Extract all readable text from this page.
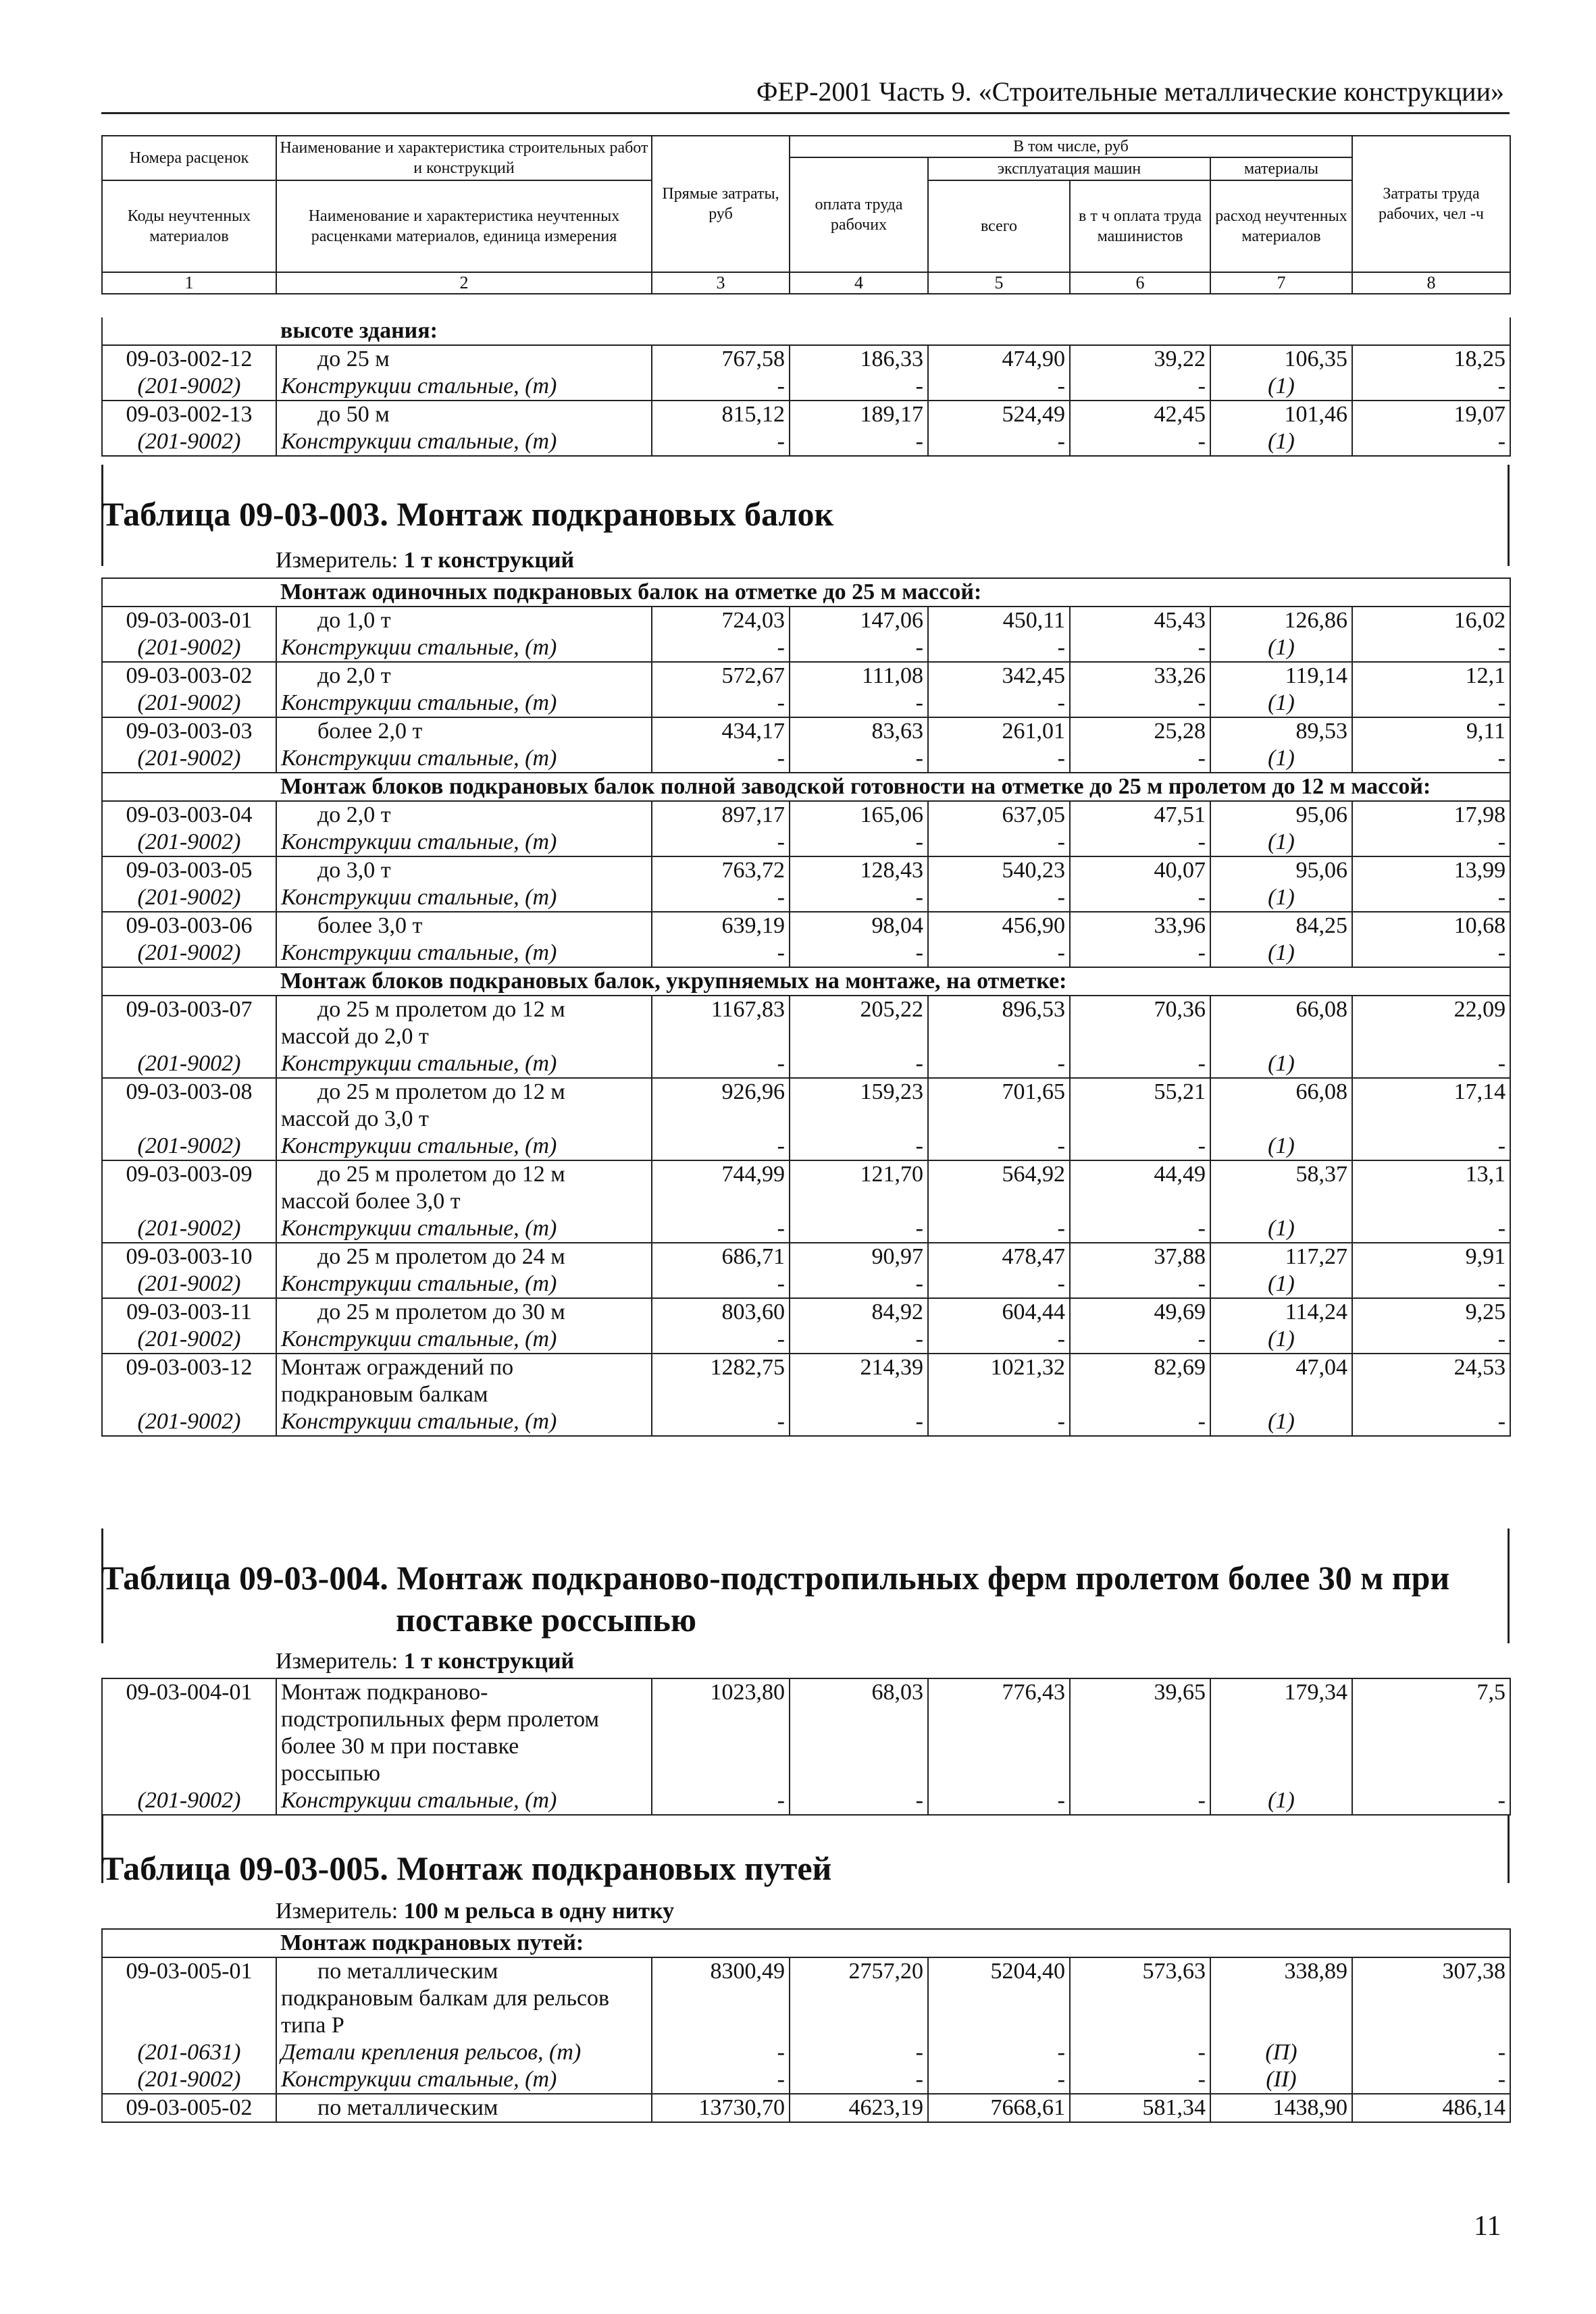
ФЕР-2001 Часть 9. «Строительные металлические конструкции»
Номера расценок	Наименование и характеристика строительных работ и конструкций	Прямые затраты, руб	В том числе, руб				Затраты труда рабочих, чел -ч
			оплата труда рабочих	эксплуатация машин		материалы	
Коды неучтенных материалов	Наименование и характеристика неучтенных расценками материалов, единица измерения			всего	в т ч оплата труда машинистов	расход неучтенных материалов	

1	2	3	4	5	6	7	8
	высоте здания:						
09-03-002-12	до 25 м	767,58	186,33	474,90	39,22	106,35	18,25
(201-9002)	Конструкции стальные, (т)	-	-	-	-	(1)	-
09-03-002-13	до 50 м	815,12	189,17	524,49	42,45	101,46	19,07
(201-9002)	Конструкции стальные, (т)	-	-	-	-	(1)	-
Таблица 09-03-003. Монтаж подкрановых балок
Измеритель: 1 т конструкций
	Монтаж одиночных подкрановых балок на отметке до 25 м массой:						
09-03-003-01	до 1,0 т	724,03	147,06	450,11	45,43	126,86	16,02
(201-9002)	Конструкции стальные, (т)	-	-	-	-	(1)	-
09-03-003-02	до 2,0 т	572,67	111,08	342,45	33,26	119,14	12,1
(201-9002)	Конструкции стальные, (т)	-	-	-	-	(1)	-
09-03-003-03	более 2,0 т	434,17	83,63	261,01	25,28	89,53	9,11
(201-9002)	Конструкции стальные, (т)	-	-	-	-	(1)	-
	Монтаж блоков подкрановых балок полной заводской готовности на отметке до 25 м пролетом до 12 м массой:						
09-03-003-04	до 2,0 т	897,17	165,06	637,05	47,51	95,06	17,98
(201-9002)	Конструкции стальные, (т)	-	-	-	-	(1)	-
09-03-003-05	до 3,0 т	763,72	128,43	540,23	40,07	95,06	13,99
(201-9002)	Конструкции стальные, (т)	-	-	-	-	(1)	-
09-03-003-06	более 3,0 т	639,19	98,04	456,90	33,96	84,25	10,68
(201-9002)	Конструкции стальные, (т)	-	-	-	-	(1)	-
	Монтаж блоков подкрановых балок, укрупняемых на монтаже, на отметке:						
09-03-003-07	до 25 м пролетом до 12 м
массой до 2,0 т	1167,83	205,22	896,53	70,36	66,08	22,09
(201-9002)	Конструкции стальные, (т)	-	-	-	-	(1)	-
09-03-003-08	до 25 м пролетом до 12 м
массой до 3,0 т	926,96	159,23	701,65	55,21	66,08	17,14
(201-9002)	Конструкции стальные, (т)	-	-	-	-	(1)	-
09-03-003-09	до 25 м пролетом до 12 м
массой более 3,0 т	744,99	121,70	564,92	44,49	58,37	13,1
(201-9002)	Конструкции стальные, (т)	-	-	-	-	(1)	-
09-03-003-10	до 25 м пролетом до 24 м	686,71	90,97	478,47	37,88	117,27	9,91
(201-9002)	Конструкции стальные, (т)	-	-	-	-	(1)	-
09-03-003-11	до 25 м пролетом до 30 м	803,60	84,92	604,44	49,69	114,24	9,25
(201-9002)	Конструкции стальные, (т)	-	-	-	-	(1)	-
09-03-003-12	Монтаж ограждений по
подкрановым балкам	1282,75	214,39	1021,32	82,69	47,04	24,53
(201-9002)	Конструкции стальные, (т)	-	-	-	-	(1)	-
Таблица 09-03-004. Монтаж подкраново-подстропильных ферм пролетом более 30 м при
поставке россыпью
Измеритель: 1 т конструкций
09-03-004-01	Монтаж подкраново-
подстропильных ферм пролетом
более 30 м при поставке
россыпью	1023,80	68,03	776,43	39,65	179,34	7,5
(201-9002)	Конструкции стальные, (т)	-	-	-	-	(1)	-
Таблица 09-03-005. Монтаж подкрановых путей
Измеритель: 100 м рельса в одну нитку
	Монтаж подкрановых путей:						
09-03-005-01	по металлическим
подкрановым балкам для рельсов
типа Р	8300,49	2757,20	5204,40	573,63	338,89	307,38
(201-0631)	Детали крепления рельсов, (т)	-	-	-	-	(П)	-
(201-9002)	Конструкции стальные, (т)	-	-	-	-	(II)	-
09-03-005-02	по металлическим	13730,70	4623,19	7668,61	581,34	1438,90	486,14
11
